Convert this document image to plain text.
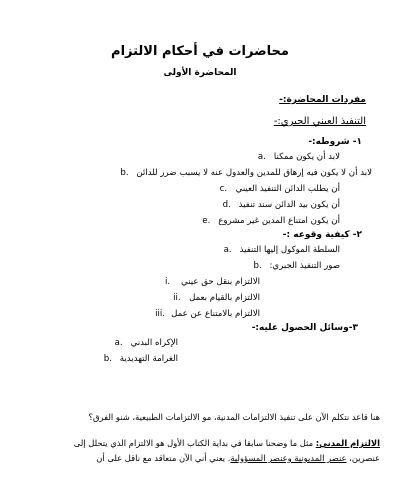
محاضرات في أحكام الالتزام
المحاضرة الأولى
مفردات المحاضرة:-
التنفيذ العيني الجبري:-
١- شروطه:-
لابد أن يكون ممكنا
a.
لابد أن لا يكون فيه إرهاق للمدين والعدول عنه لا يسبب ضرر للدائن
b.
أن يطلب الدائن التنفيذ العيني
c.
أن يكون بيد الدائن سند تنفيذ
d.
أن يكون امتناع المدين غير مشروع
e.
٢- كيفية وقوعه :-
السلطة الموكول إليها التنفيذ
a.
صور التنفيذ الجبري:
b.
الالتزام بنقل حق عيني
i.
الالتزام بالقيام بعمل
ii.
الالتزام بالامتناع عن عمل
iii.
٣-وسائل الحصول عليه:-
الإكراه البدني
a.
الغرامة التهديدية
b.
هنا قاعد نتكلم الآن على تنفيذ الالتزامات المدنية، مو الالتزامات الطبيعية، شنو الفرق؟
الالتزام المدني: مثل ما وضحنا سابقا في بداية الكتاب الأول هو الالتزام الذي يتحلل إلى
عنصرين، عنصر المديونية وعنصر المسؤولية. يعني أني الآن متعاقد مع ناقل على أن
